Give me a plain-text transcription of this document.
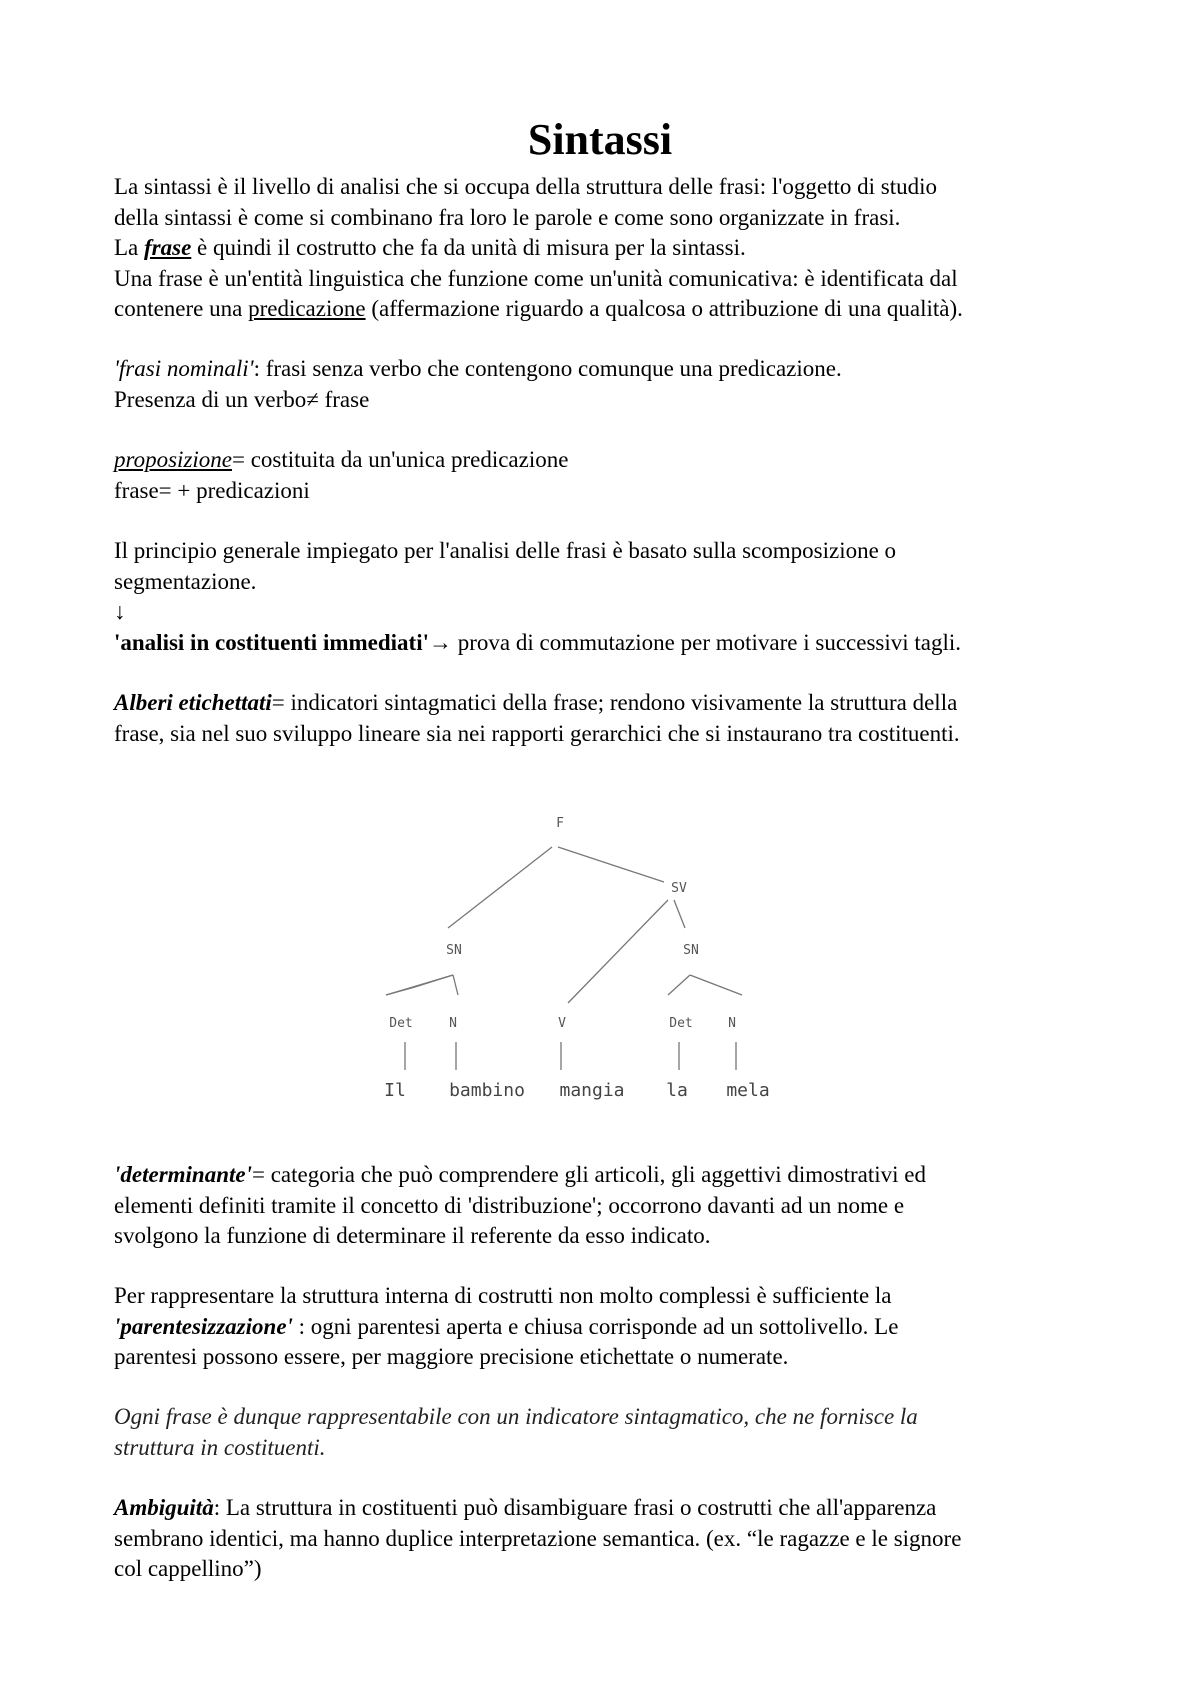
Sintassi
La sintassi è il livello di analisi che si occupa della struttura delle frasi: l'oggetto di studio
della sintassi è come si combinano fra loro le parole e come sono organizzate in frasi.
La frase è quindi il costrutto che fa da unità di misura per la sintassi.
Una frase è un'entità linguistica che funzione come un'unità comunicativa: è identificata dal
contenere una predicazione (affermazione riguardo a qualcosa o attribuzione di una qualità).
'frasi nominali': frasi senza verbo che contengono comunque una predicazione.
Presenza di un verbo≠ frase
proposizione= costituita da un'unica predicazione
frase= + predicazioni
Il principio generale impiegato per l'analisi delle frasi è basato sulla scomposizione o
segmentazione.
↓
'analisi in costituenti immediati'→ prova di commutazione per motivare i successivi tagli.
Alberi etichettati= indicatori sintagmatici della frase; rendono visivamente la struttura della
frase, sia nel suo sviluppo lineare sia nei rapporti gerarchici che si instaurano tra costituenti.
F
SV
SN	SN
Det	N	V	Det	N
Il bambino mangia la mela
'determinante'= categoria che può comprendere gli articoli, gli aggettivi dimostrativi ed
elementi definiti tramite il concetto di 'distribuzione'; occorrono davanti ad un nome e
svolgono la funzione di determinare il referente da esso indicato.
Per rappresentare la struttura interna di costrutti non molto complessi è sufficiente la
'parentesizzazione' : ogni parentesi aperta e chiusa corrisponde ad un sottolivello. Le
parentesi possono essere, per maggiore precisione etichettate o numerate.
Ogni frase è dunque rappresentabile con un indicatore sintagmatico, che ne fornisce la
struttura in costituenti.
Ambiguità: La struttura in costituenti può disambiguare frasi o costrutti che all'apparenza
sembrano identici, ma hanno duplice interpretazione semantica. (ex. “le ragazze e le signore
col cappellino”)
